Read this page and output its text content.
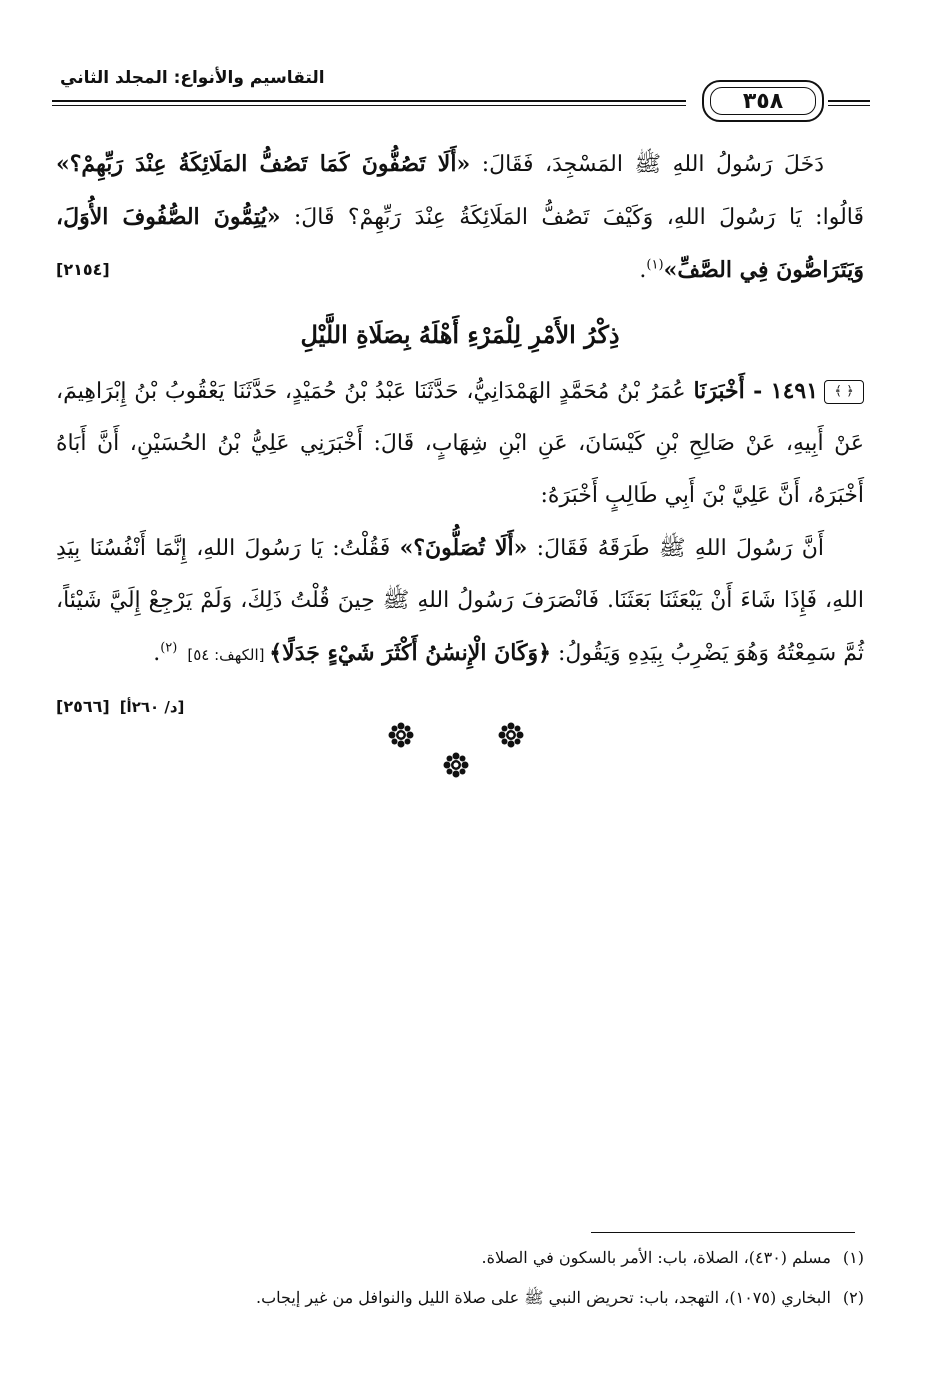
٣٥٨
التقاسيم والأنواع: المجلد الثاني

دَخَلَ رَسُولُ اللهِ ﷺ المَسْجِدَ، فَقَالَ: «أَلَا تَصُفُّونَ كَمَا تَصُفُّ المَلَائِكَةُ عِنْدَ رَبِّهِمْ؟» قَالُوا: يَا رَسُولَ اللهِ، وَكَيْفَ تَصُفُّ المَلَائِكَةُ عِنْدَ رَبِّهِمْ؟ قَالَ: «يُتِمُّونَ الصُّفُوفَ الأُوَلَ، وَيَتَرَاصُّونَ فِي الصَّفِّ»$^{(١)}$.
[٢١٥٤]

ذِكْرُ الأَمْرِ لِلْمَرْءِ أَهْلَهُ بِصَلَاةِ اللَّيْلِ

﴿ ﴾١٤٩١ - أَخْبَرَنَا عُمَرُ بْنُ مُحَمَّدٍ الهَمْدَانِيُّ، حَدَّثَنَا عَبْدُ بْنُ حُمَيْدٍ، حَدَّثَنَا يَعْقُوبُ بْنُ إِبْرَاهِيمَ، عَنْ أَبِيهِ، عَنْ صَالِحِ بْنِ كَيْسَانَ، عَنِ ابْنِ شِهَابٍ، قَالَ: أَخْبَرَنِي عَلِيُّ بْنُ الحُسَيْنِ، أَنَّ أَبَاهُ أَخْبَرَهُ، أَنَّ عَلِيَّ بْنَ أَبِي طَالِبٍ أَخْبَرَهُ:

أَنَّ رَسُولَ اللهِ ﷺ طَرَقَهُ فَقَالَ: «أَلَا تُصَلُّونَ؟» فَقُلْتُ: يَا رَسُولَ اللهِ، إِنَّمَا أَنْفُسُنَا بِيَدِ اللهِ، فَإِذَا شَاءَ أَنْ يَبْعَثَنَا بَعَثَنَا. فَانْصَرَفَ رَسُولُ اللهِ ﷺ حِينَ قُلْتُ ذَلِكَ، وَلَمْ يَرْجِعْ إِلَيَّ شَيْئاً، ثُمَّ سَمِعْتُهُ وَهُوَ يَضْرِبُ بِيَدِهِ وَيَقُولُ: ﴿وَكَانَ الْإِنسَٰنُ أَكْثَرَ شَيْءٍ جَدَلًا﴾ [الكهف: ٥٤]$^{(٢)}$.
[د/ ٢٦٠أ][٢٥٦٦]

(١)مسلم (٤٣٠)، الصلاة، باب: الأمر بالسكون في الصلاة.

(٢)البخاري (١٠٧٥)، التهجد، باب: تحريض النبي ﷺ على صلاة الليل والنوافل من غير إيجاب.
